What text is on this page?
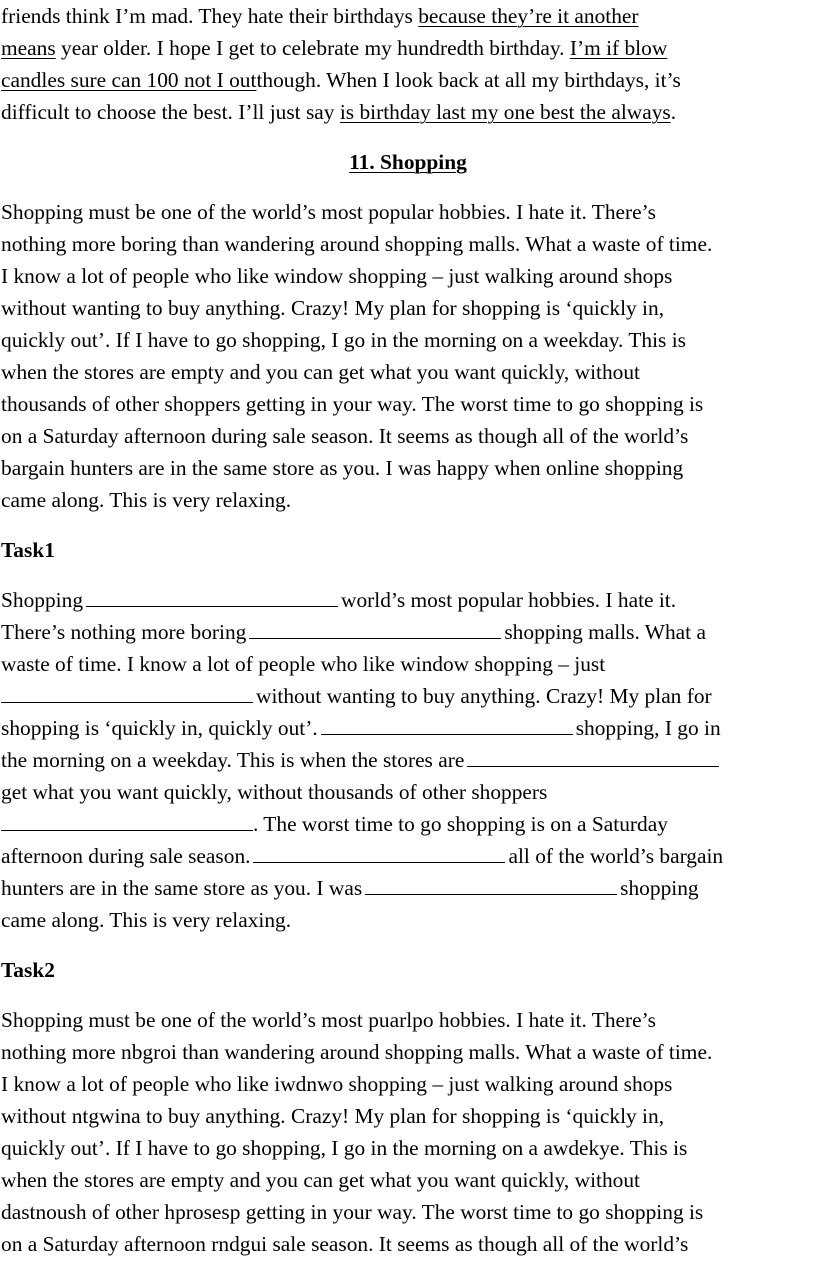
friends think I’m mad. They hate their birthdays because they’re it another

means year older. I hope I get to celebrate my hundredth birthday. I’m if blow

candles sure can 100 not I outthough. When I look back at all my birthdays, it’s

difficult to choose the best. I’ll just say is birthday last my one best the always.

11. Shopping

Shopping must be one of the world’s most popular hobbies. I hate it. There’s

nothing more boring than wandering around shopping malls. What a waste of time.

I know a lot of people who like window shopping – just walking around shops

without wanting to buy anything. Crazy! My plan for shopping is ‘quickly in,

quickly out’. If I have to go shopping, I go in the morning on a weekday. This is

when the stores are empty and you can get what you want quickly, without

thousands of other shoppers getting in your way. The worst time to go shopping is

on a Saturday afternoon during sale season. It seems as though all of the world’s

bargain hunters are in the same store as you. I was happy when online shopping

came along. This is very relaxing.

Task1

Shopping	world’s most popular hobbies. I hate it.

There’s nothing more boring	shopping malls. What a

waste of time. I know a lot of people who like window shopping – just

without wanting to buy anything. Crazy! My plan for

shopping is ‘quickly in, quickly out’.	shopping, I go in

the morning on a weekday. This is when the stores are

get what you want quickly, without thousands of other shoppers

. The worst time to go shopping is on a Saturday

afternoon during sale season.	all of the world’s bargain

hunters are in the same store as you. I was	shopping

came along. This is very relaxing.

Task2

Shopping must be one of the world’s most puarlpo hobbies. I hate it. There’s

nothing more nbgroi than wandering around shopping malls. What a waste of time.

I know a lot of people who like iwdnwo shopping – just walking around shops

without ntgwina to buy anything. Crazy! My plan for shopping is ‘quickly in,

quickly out’. If I have to go shopping, I go in the morning on a awdekye. This is

when the stores are empty and you can get what you want quickly, without

dastnoush of other hprosesp getting in your way. The worst time to go shopping is

on a Saturday afternoon rndgui sale season. It seems as though all of the world’s
